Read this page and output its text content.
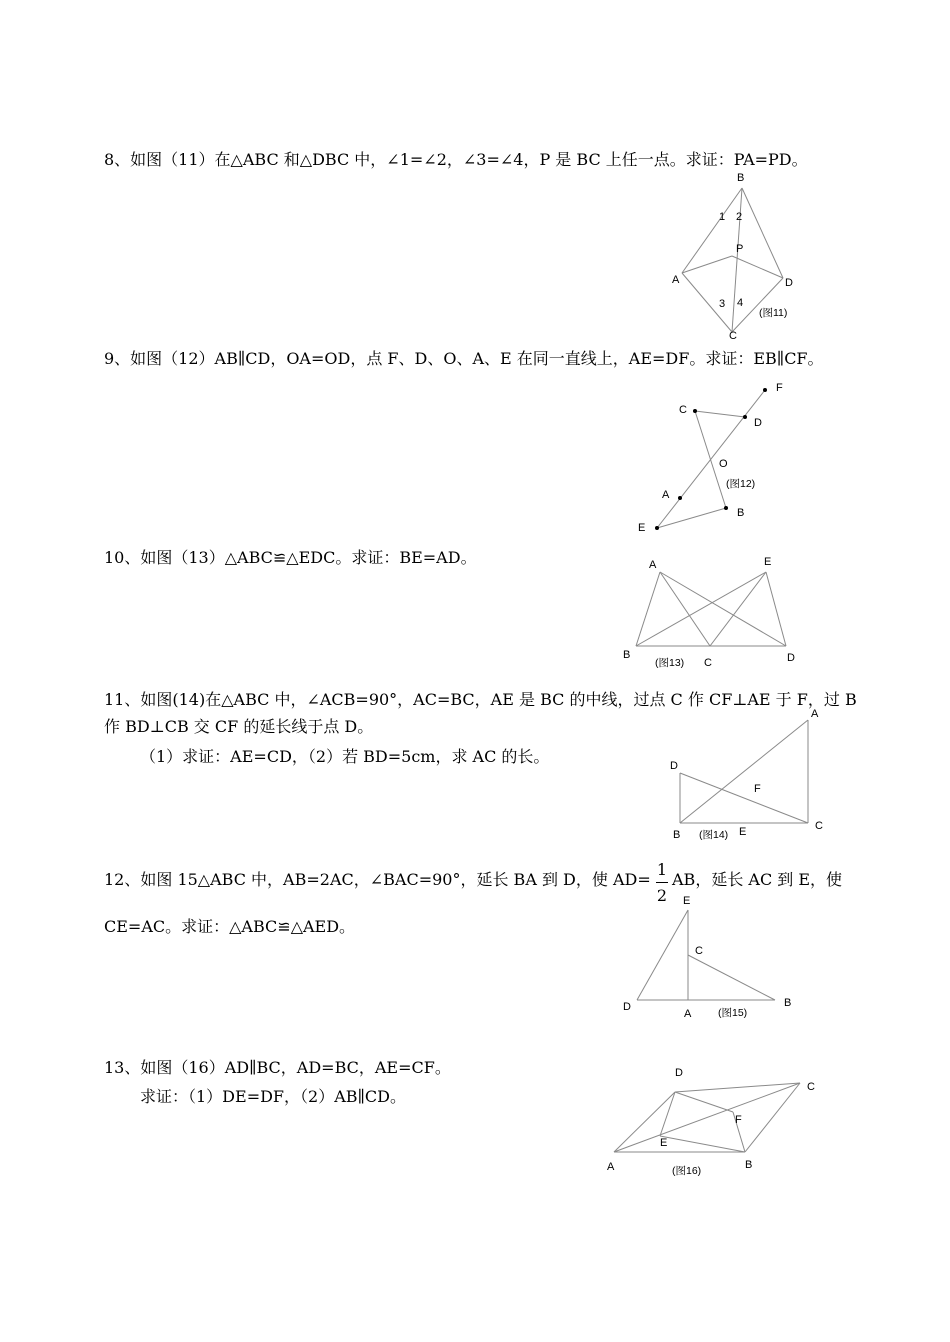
8、如图（11）在△ABC 和△DBC 中，∠1=∠2，∠3=∠4，P 是 BC 上任一点。求证：PA=PD。

B
1 2
P
A	D
3 4
(图11)
C

9、如图（12）AB∥CD，OA=OD，点 F、D、O、A、E 在同一直线上，AE=DF。求证：EB∥CF。

F
C
D
O
(图12)
A
B
E

10、如图（13）△ABC≌△EDC。求证：BE=AD。	A	E
B
(图13) C	D

11、如图(14)在△ABC 中，∠ACB=90°，AC=BC，AE 是 BC 的中线，过点 C 作 CF⊥AE 于 F，过 B

作 BD⊥CB 交 CF 的延长线于点 D。

（1）求证：AE=CD，（2）若 BD=5cm，求 AC 的长。

A
D
F
B (图14) E	C

12、如图 15△ABC 中，AB=2AC，∠BAC=90°，延长 BA 到 D，使 AD=

1
2

AB，延长 AC 到 E，使

CE=AC。求证：△ABC≌△AED。

E
C
D
A	(图15)
B

13、如图（16）AD∥BC，AD=BC，AE=CF。

求证：（1）DE=DF，（2）AB∥CD。

D
C
F
E
A	(图16)	B
